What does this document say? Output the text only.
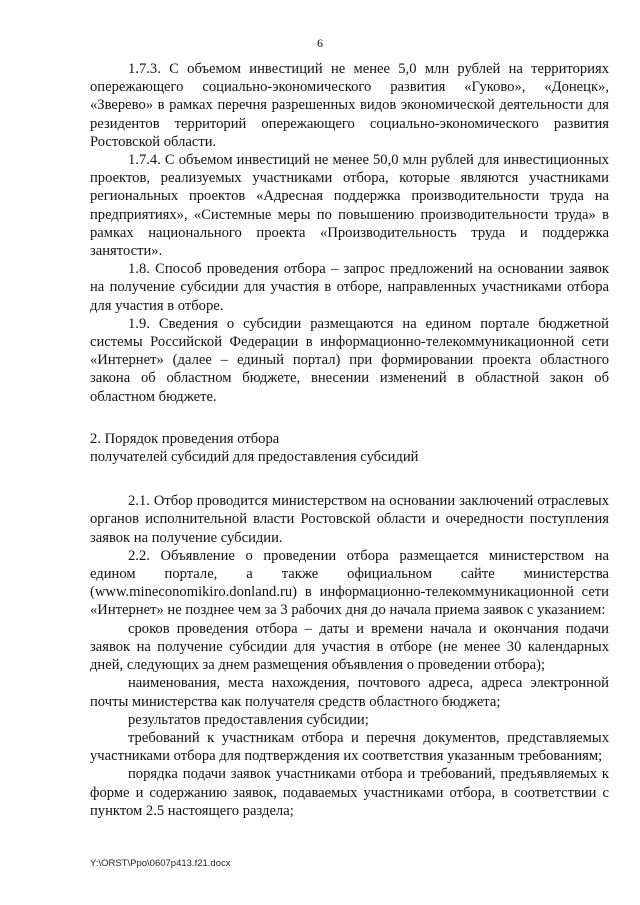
6

1.7.3. С объемом инвестиций не менее 5,0 млн рублей на территориях опережающего социально-экономического развития «Гуково», «Донецк», «Зверево» в рамках перечня разрешенных видов экономической деятельности для резидентов территорий опережающего социально-экономического развития Ростовской области.

1.7.4. С объемом инвестиций не менее 50,0 млн рублей для инвестиционных проектов, реализуемых участниками отбора, которые являются участниками региональных проектов «Адресная поддержка производительности труда на предприятиях», «Системные меры по повышению производительности труда» в рамках национального проекта «Производительность труда и поддержка занятости».

1.8. Способ проведения отбора – запрос предложений на основании заявок на получение субсидии для участия в отборе, направленных участниками отбора для участия в отборе.

1.9. Сведения о субсидии размещаются на едином портале бюджетной системы Российской Федерации в информационно-телекоммуникационной сети «Интернет» (далее – единый портал) при формировании проекта областного закона об областном бюджете, внесении изменений в областной закон об областном бюджете.

2. Порядок проведения отбора
получателей субсидий для предоставления субсидий

2.1. Отбор проводится министерством на основании заключений отраслевых органов исполнительной власти Ростовской области и очередности поступления заявок на получение субсидии.

2.2. Объявление о проведении отбора размещается министерством на едином портале, а также официальном сайте министерства (www.mineconomikiro.donland.ru) в информационно-телекоммуникационной сети «Интернет» не позднее чем за 3 рабочих дня до начала приема заявок с указанием:

сроков проведения отбора – даты и времени начала и окончания подачи заявок на получение субсидии для участия в отборе (не менее 30 календарных дней, следующих за днем размещения объявления о проведении отбора);

наименования, места нахождения, почтового адреса, адреса электронной почты министерства как получателя средств областного бюджета;

результатов предоставления субсидии;

требований к участникам отбора и перечня документов, представляемых участниками отбора для подтверждения их соответствия указанным требованиям;

порядка подачи заявок участниками отбора и требований, предъявляемых к форме и содержанию заявок, подаваемых участниками отбора, в соответствии с пунктом 2.5 настоящего раздела;

Y:\ORST\Ppo\0607p413.f21.docx
